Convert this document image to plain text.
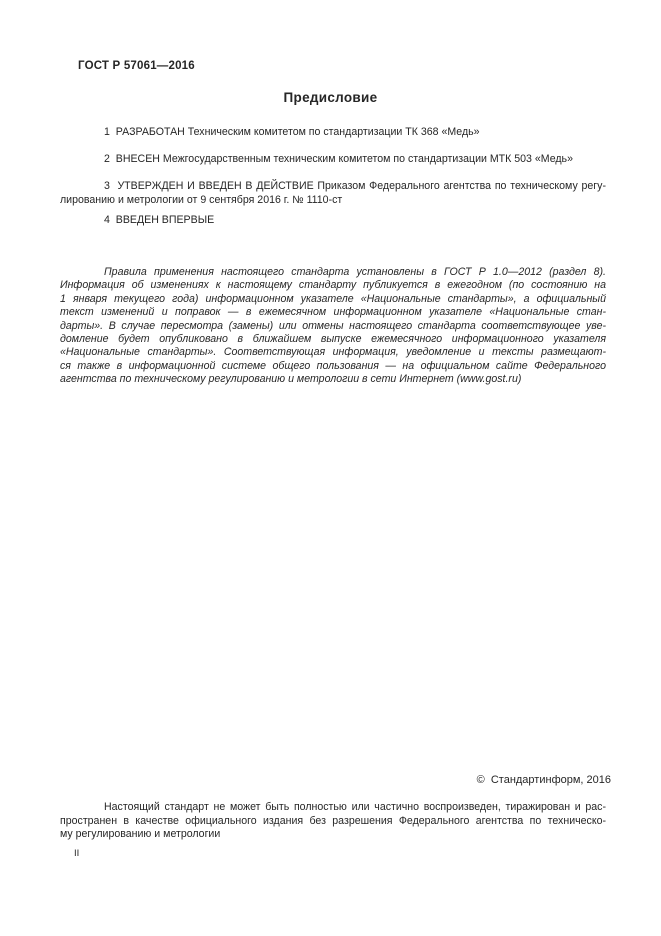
ГОСТ Р 57061—2016
Предисловие
1  РАЗРАБОТАН Техническим комитетом по стандартизации ТК 368 «Медь»
2  ВНЕСЕН Межгосударственным техническим комитетом по стандартизации МТК 503 «Медь»
3  УТВЕРЖДЕН И ВВЕДЕН В ДЕЙСТВИЕ Приказом Федерального агентства по техническому регу-
лированию и метрологии от 9 сентября 2016 г. № 1110-ст
4  ВВЕДЕН ВПЕРВЫЕ
Правила применения настоящего стандарта установлены в ГОСТ Р 1.0—2012 (раздел 8).
Информация об изменениях к настоящему стандарту публикуется в ежегодном (по состоянию на
1 января текущего года) информационном указателе «Национальные стандарты», а официальный
текст изменений и поправок — в ежемесячном информационном указателе «Национальные стан-
дарты». В случае пересмотра (замены) или отмены настоящего стандарта соответствующее уве-
домление будет опубликовано в ближайшем выпуске ежемесячного информационного указателя
«Национальные стандарты». Соответствующая информация, уведомление и тексты размещают-
ся также в информационной системе общего пользования — на официальном сайте Федерального
агентства по техническому регулированию и метрологии в сети Интернет (www.gost.ru)
©  Стандартинформ, 2016
Настоящий стандарт не может быть полностью или частично воспроизведен, тиражирован и рас-
пространен в качестве официального издания без разрешения Федерального агентства по техническо-
му регулированию и метрологии
II
